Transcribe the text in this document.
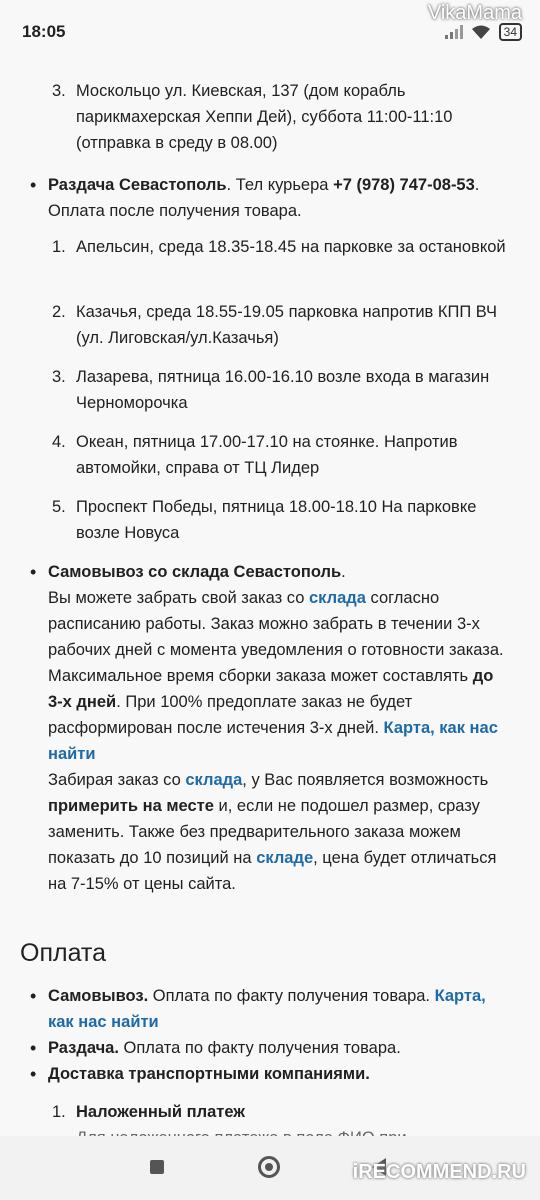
18:05	34
VikaMama
3. Москольцо ул. Киевская, 137 (дом корабль парикмахерская Хеппи Дей), суббота 11:00-11:10 (отправка в среду в 08.00)
• Раздача Севастополь. Тел курьера +7 (978) 747-08-53. Оплата после получения товара.
1. Апельсин, среда 18.35-18.45 на парковке за остановкой
2. Казачья, среда 18.55-19.05 парковка напротив КПП ВЧ (ул. Лиговская/ул.Казачья)
3. Лазарева, пятница 16.00-16.10 возле входа в магазин Черноморочка
4. Океан, пятница 17.00-17.10 на стоянке. Напротив автомойки, справа от ТЦ Лидер
5. Проспект Победы, пятница 18.00-18.10 На парковке возле Новуса
• Самовывоз со склада Севастополь.
Вы можете забрать свой заказ со склада согласно расписанию работы. Заказ можно забрать в течении 3-х рабочих дней с момента уведомления о готовности заказа. Максимальное время сборки заказа может составлять до 3-х дней. При 100% предоплате заказ не будет расформирован после истечения 3-х дней. Карта, как нас найти
Забирая заказ со склада, у Вас появляется возможность примерить на месте и, если не подошел размер, сразу заменить. Также без предварительного заказа можем показать до 10 позиций на складе, цена будет отличаться на 7-15% от цены сайта.
Оплата
• Самовывоз. Оплата по факту получения товара. Карта, как нас найти
• Раздача. Оплата по факту получения товара.
• Доставка транспортными компаниями.
1. Наложенный платеж
iRECOMMEND.RU
